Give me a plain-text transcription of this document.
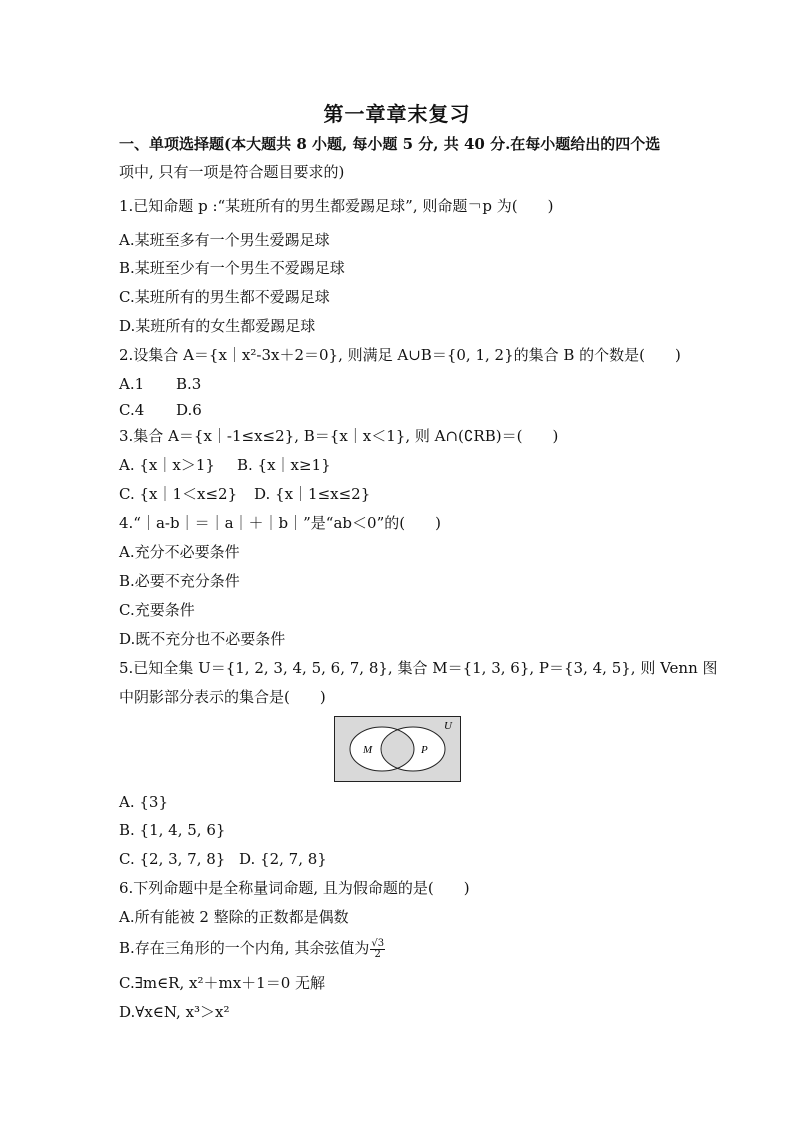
第一章章末复习
一、单项选择题(本大题共 8 小题, 每小题 5 分, 共 40 分.在每小题给出的四个选
项中, 只有一项是符合题目要求的)
1.已知命题 p :“某班所有的男生都爱踢足球”, 则命题￢p 为(　　)
A.某班至多有一个男生爱踢足球
B.某班至少有一个男生不爱踢足球
C.某班所有的男生都不爱踢足球
D.某班所有的女生都爱踢足球
2.设集合 A＝{x｜x²-3x＋2＝0}, 则满足 A∪B＝{0, 1, 2}的集合 B 的个数是(　　)
A.1 B.3
C.4 D.6
3.集合 A＝{x｜-1≤x≤2}, B＝{x｜x＜1}, 则 A∩(∁RB)＝(　　)
A. {x｜x＞1} B. {x｜x≥1}
C. {x｜1＜x≤2} D. {x｜1≤x≤2}
4.“｜a-b｜＝｜a｜＋｜b｜”是“ab＜0”的(　　)
A.充分不必要条件
B.必要不充分条件
C.充要条件
D.既不充分也不必要条件
5.已知全集 U＝{1, 2, 3, 4, 5, 6, 7, 8}, 集合 M＝{1, 3, 6}, P＝{3, 4, 5}, 则 Venn 图
中阴影部分表示的集合是(　　)
U
M	P
A. {3}
B. {1, 4, 5, 6}
C. {2, 3, 7, 8} D. {2, 7, 8}
6.下列命题中是全称量词命题, 且为假命题的是(　　)
A.所有能被 2 整除的正数都是偶数
B.存在三角形的一个内角, 其余弦值为 $\frac{√3}{2}$
C.∃m∈R, x²＋mx＋1＝0 无解
D.∀x∈N, x³＞x²
